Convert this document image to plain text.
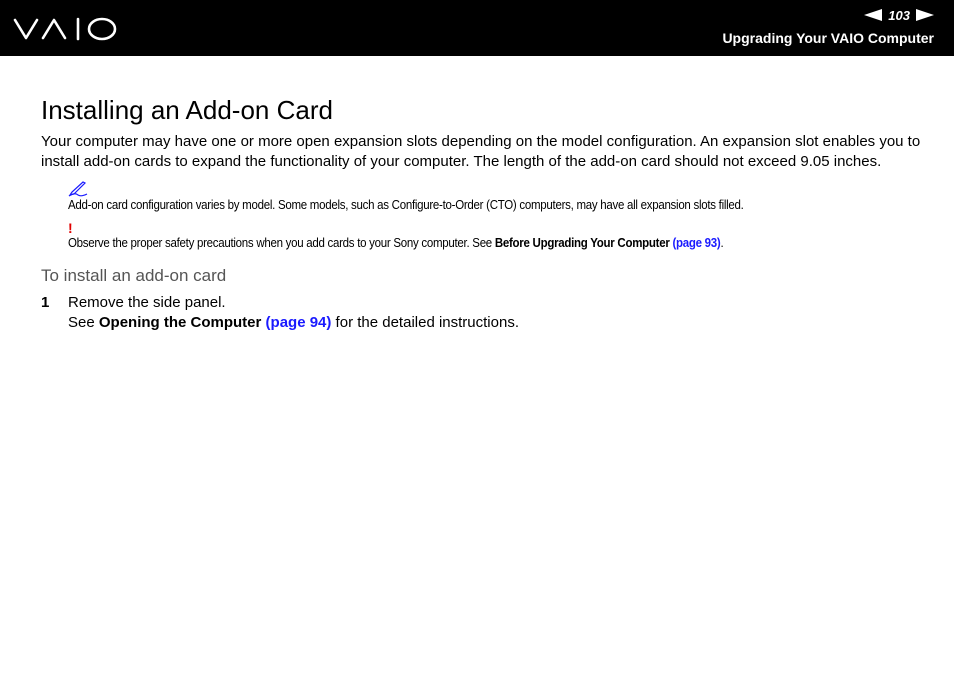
103
Upgrading Your VAIO Computer
Installing an Add-on Card

Your computer may have one or more open expansion slots depending on the model configuration. An expansion slot enables you to install add-on cards to expand the functionality of your computer. The length of the add-on card should not exceed 9.05 inches.

Add-on card configuration varies by model. Some models, such as Configure-to-Order (CTO) computers, may have all expansion slots filled.
!
Observe the proper safety precautions when you add cards to your Sony computer. See Before Upgrading Your Computer (page 93).
To install an add-on card
1 Remove the side panel.
See Opening the Computer (page 94) for the detailed instructions.
